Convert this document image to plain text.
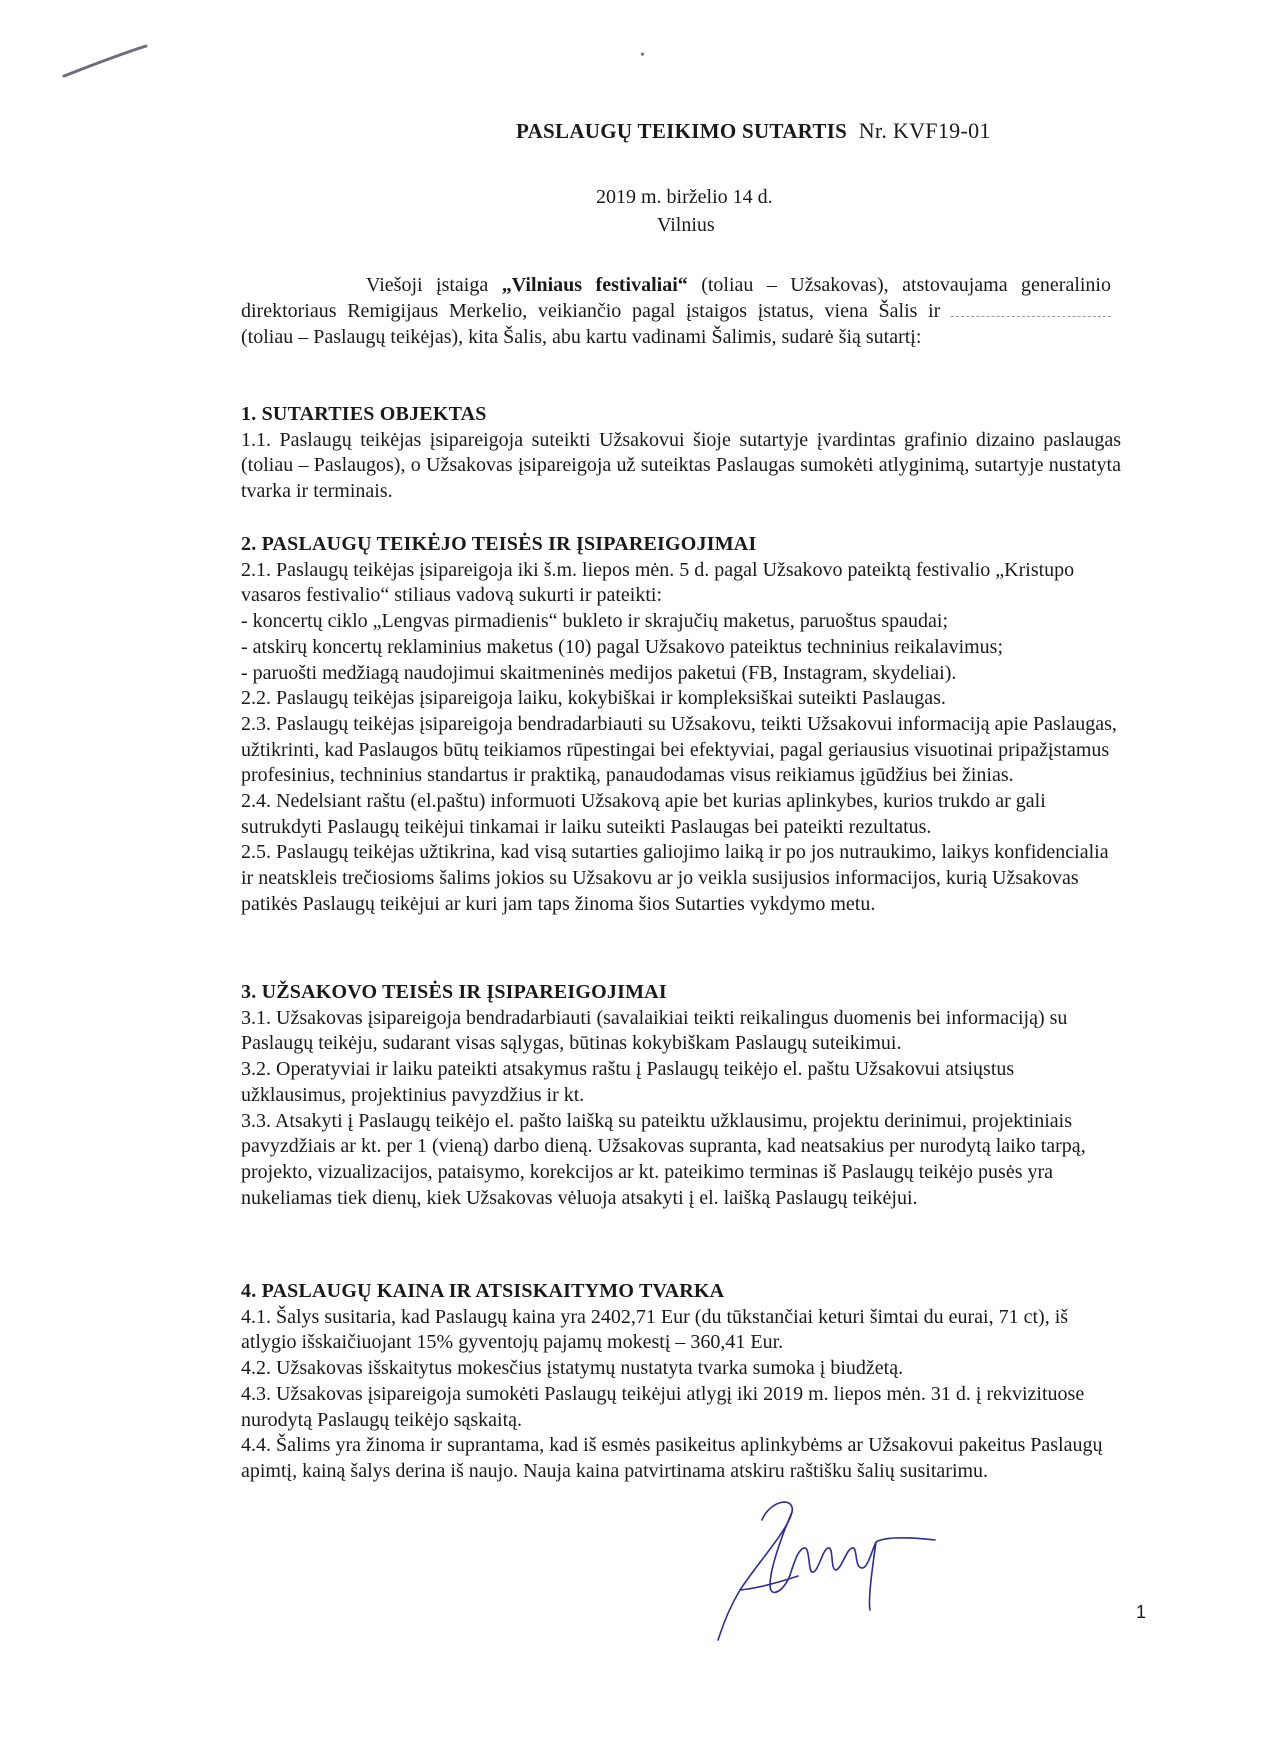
•
PASLAUGŲ TEIKIMO SUTARTIS Nr. KVF19-01
2019 m. birželio 14 d.
Vilnius
Viešoji įstaiga „Vilniaus festivaliai“ (toliau – Užsakovas), atstovaujama generalinio direktoriaus Remigijaus Merkelio, veikiančio pagal įstaigos įstatus, viena Šalis ir  (toliau – Paslaugų teikėjas), kita Šalis, abu kartu vadinami Šalimis, sudarė šią sutartį:
1. SUTARTIES OBJEKTAS

1.1. Paslaugų teikėjas įsipareigoja suteikti Užsakovui šioje sutartyje įvardintas grafinio dizaino paslaugas (toliau – Paslaugos), o Užsakovas įsipareigoja už suteiktas Paslaugas sumokėti atlyginimą, sutartyje nustatyta tvarka ir terminais.

2. PASLAUGŲ TEIKĖJO TEISĖS IR ĮSIPAREIGOJIMAI

2.1. Paslaugų teikėjas įsipareigoja iki š.m. liepos mėn. 5 d. pagal Užsakovo pateiktą festivalio „Kristupo vasaros festivalio“ stiliaus vadovą sukurti ir pateikti:

- koncertų ciklo „Lengvas pirmadienis“ bukleto ir skrajučių maketus, paruoštus spaudai;

- atskirų koncertų reklaminius maketus (10) pagal Užsakovo pateiktus techninius reikalavimus;

- paruošti medžiagą naudojimui skaitmeninės medijos paketui (FB, Instagram, skydeliai).

2.2. Paslaugų teikėjas įsipareigoja laiku, kokybiškai ir kompleksiškai suteikti Paslaugas.

2.3. Paslaugų teikėjas įsipareigoja bendradarbiauti su Užsakovu, teikti Užsakovui informaciją apie Paslaugas, užtikrinti, kad Paslaugos būtų teikiamos rūpestingai bei efektyviai, pagal geriausius visuotinai pripažįstamus profesinius, techninius standartus ir praktiką, panaudodamas visus reikiamus įgūdžius bei žinias.

2.4. Nedelsiant raštu (el.paštu) informuoti Užsakovą apie bet kurias aplinkybes, kurios trukdo ar gali sutrukdyti Paslaugų teikėjui tinkamai ir laiku suteikti Paslaugas bei pateikti rezultatus.

2.5. Paslaugų teikėjas užtikrina, kad visą sutarties galiojimo laiką ir po jos nutraukimo, laikys konfidencialia ir neatskleis trečiosioms šalims jokios su Užsakovu ar jo veikla susijusios informacijos, kurią Užsakovas patikės Paslaugų teikėjui ar kuri jam taps žinoma šios Sutarties vykdymo metu.

3. UŽSAKOVO TEISĖS IR ĮSIPAREIGOJIMAI

3.1. Užsakovas įsipareigoja bendradarbiauti (savalaikiai teikti reikalingus duomenis bei informaciją) su Paslaugų teikėju, sudarant visas sąlygas, būtinas kokybiškam Paslaugų suteikimui.

3.2. Operatyviai ir laiku pateikti atsakymus raštu į Paslaugų teikėjo el. paštu Užsakovui atsiųstus užklausimus, projektinius pavyzdžius ir kt.

3.3. Atsakyti į Paslaugų teikėjo el. pašto laišką su pateiktu užklausimu, projektu derinimui, projektiniais pavyzdžiais ar kt. per 1 (vieną) darbo dieną. Užsakovas supranta, kad neatsakius per nurodytą laiko tarpą, projekto, vizualizacijos, pataisymo, korekcijos ar kt. pateikimo terminas iš Paslaugų teikėjo pusės yra nukeliamas tiek dienų, kiek Užsakovas vėluoja atsakyti į el. laišką Paslaugų teikėjui.

4. PASLAUGŲ KAINA IR ATSISKAITYMO TVARKA

4.1. Šalys susitaria, kad Paslaugų kaina yra 2402,71 Eur (du tūkstančiai keturi šimtai du eurai, 71 ct), iš atlygio išskaičiuojant 15% gyventojų pajamų mokestį – 360,41 Eur.

4.2. Užsakovas išskaitytus mokesčius įstatymų nustatyta tvarka sumoka į biudžetą.

4.3. Užsakovas įsipareigoja sumokėti Paslaugų teikėjui atlygį iki 2019 m. liepos mėn. 31 d. į rekvizituose nurodytą Paslaugų teikėjo sąskaitą.

4.4. Šalims yra žinoma ir suprantama, kad iš esmės pasikeitus aplinkybėms ar Užsakovui pakeitus Paslaugų apimtį, kainą šalys derina iš naujo. Nauja kaina patvirtinama atskiru raštišku šalių susitarimu.

1
